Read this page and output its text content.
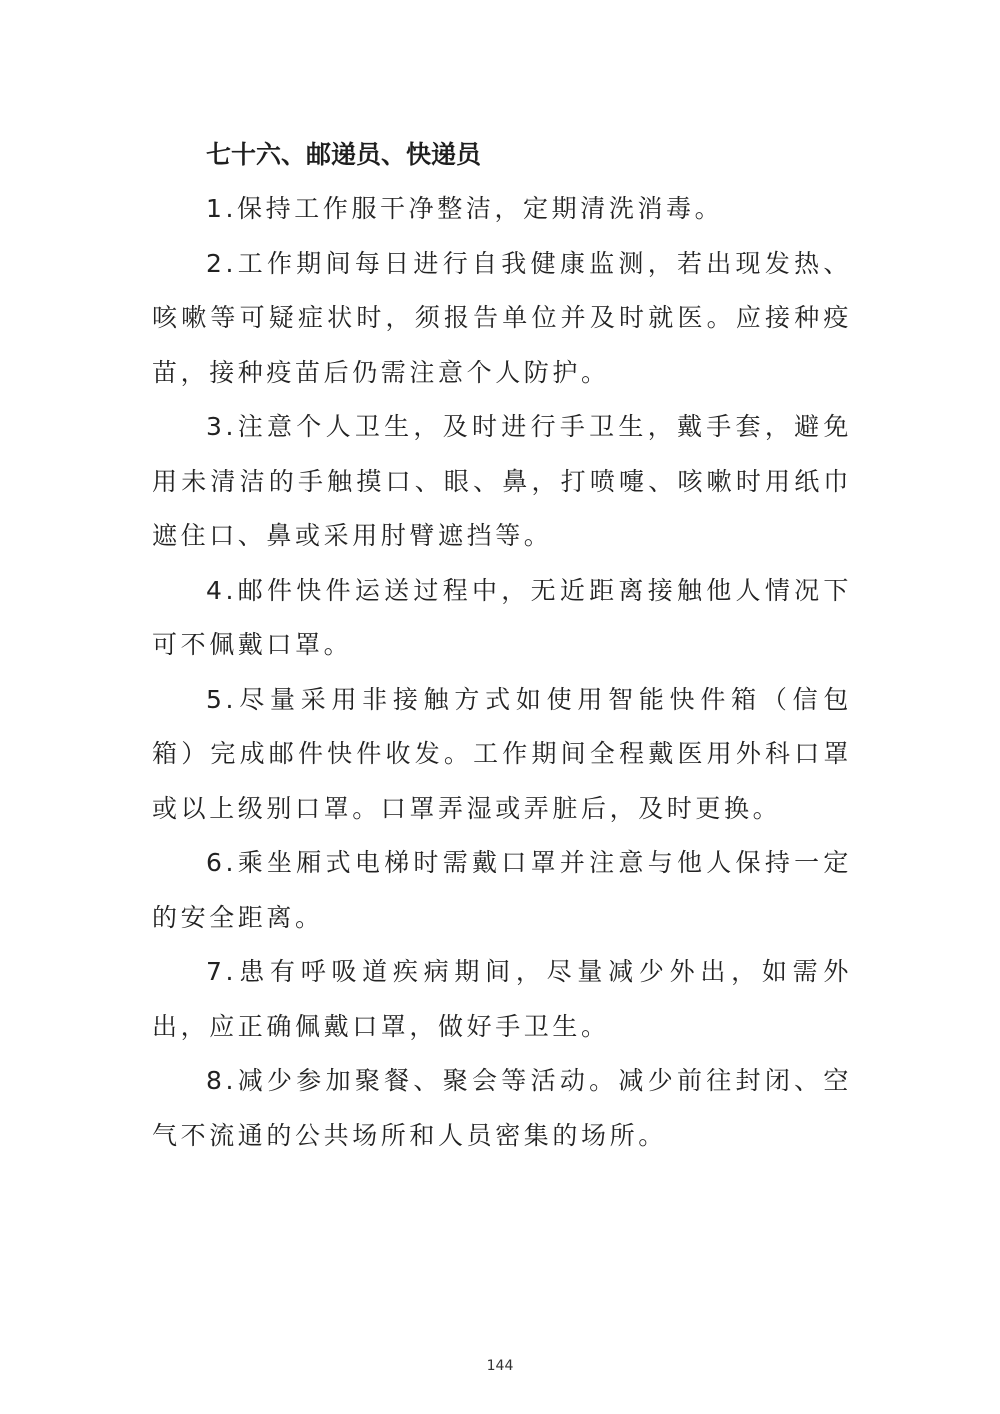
七十六、邮递员、快递员

1.保持工作服干净整洁，定期清洗消毒。

2.工作期间每日进行自我健康监测，若出现发热、咳嗽等可疑症状时，须报告单位并及时就医。应接种疫苗，接种疫苗后仍需注意个人防护。

3.注意个人卫生，及时进行手卫生，戴手套，避免用未清洁的手触摸口、眼、鼻，打喷嚏、咳嗽时用纸巾遮住口、鼻或采用肘臂遮挡等。

4.邮件快件运送过程中，无近距离接触他人情况下可不佩戴口罩。

5.尽量采用非接触方式如使用智能快件箱（信包箱）完成邮件快件收发。工作期间全程戴医用外科口罩或以上级别口罩。口罩弄湿或弄脏后，及时更换。

6.乘坐厢式电梯时需戴口罩并注意与他人保持一定的安全距离。

7.患有呼吸道疾病期间，尽量减少外出，如需外出，应正确佩戴口罩，做好手卫生。

8.减少参加聚餐、聚会等活动。减少前往封闭、空气不流通的公共场所和人员密集的场所。

144
